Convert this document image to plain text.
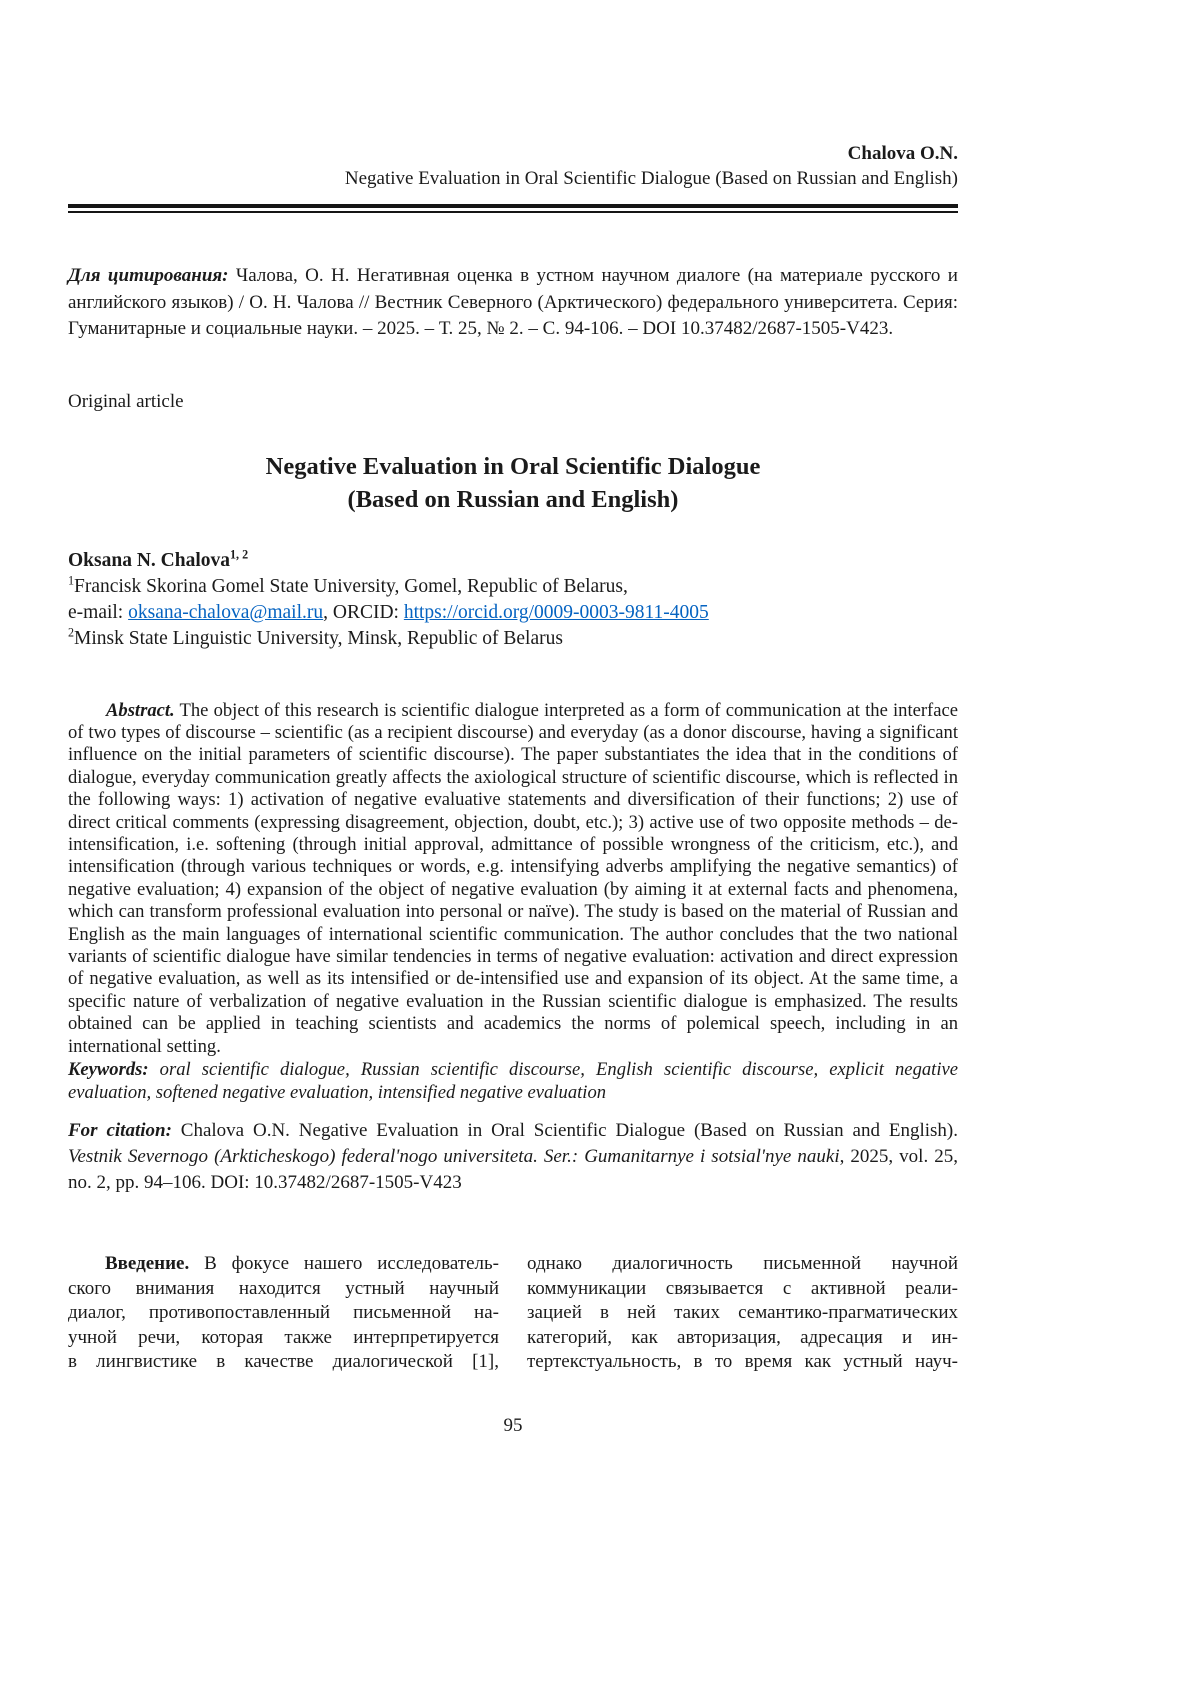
Chalova O.N.
Negative Evaluation in Oral Scientific Dialogue (Based on Russian and English)

Для цитирования: Чалова, О. Н. Негативная оценка в устном научном диалоге (на материале русского и английского языков) / О. Н. Чалова // Вестник Северного (Арктического) федерального университета. Серия: Гуманитарные и социальные науки. – 2025. – Т. 25, № 2. – С. 94-106. – DOI 10.37482/2687-1505-V423.

Original article

Negative Evaluation in Oral Scientific Dialogue
(Based on Russian and English)

Oksana N. Chalova$^{1, 2}$

$^1$Francisk Skorina Gomel State University, Gomel, Republic of Belarus,

e-mail: oksana-chalova@mail.ru, ORCID: https://orcid.org/0009-0003-9811-4005

$^2$Minsk State Linguistic University, Minsk, Republic of Belarus

Abstract. The object of this research is scientific dialogue interpreted as a form of communication at the interface of two types of discourse – scientific (as a recipient discourse) and everyday (as a donor discourse, having a significant influence on the initial parameters of scientific discourse). The paper substantiates the idea that in the conditions of dialogue, everyday communication greatly affects the axiological structure of scientific discourse, which is reflected in the following ways: 1) activation of negative evaluative statements and diversification of their functions; 2) use of direct critical comments (expressing disagreement, objection, doubt, etc.); 3) active use of two opposite methods – de-intensification, i.e. softening (through initial approval, admittance of possible wrongness of the criticism, etc.), and intensification (through various techniques or words, e.g. intensifying adverbs amplifying the negative semantics) of negative evaluation; 4) expansion of the object of negative evaluation (by aiming it at external facts and phenomena, which can transform professional evaluation into personal or naïve). The study is based on the material of Russian and English as the main languages of international scientific communication. The author concludes that the two national variants of scientific dialogue have similar tendencies in terms of negative evaluation: activation and direct expression of negative evaluation, as well as its intensified or de-intensified use and expansion of its object. At the same time, a specific nature of verbalization of negative evaluation in the Russian scientific dialogue is emphasized. The results obtained can be applied in teaching scientists and academics the norms of polemical speech, including in an international setting.

Keywords: oral scientific dialogue, Russian scientific discourse, English scientific discourse, explicit negative evaluation, softened negative evaluation, intensified negative evaluation

For citation: Chalova O.N. Negative Evaluation in Oral Scientific Dialogue (Based on Russian and English). Vestnik Severnogo (Arkticheskogo) federal'nogo universiteta. Ser.: Gumanitarnye i sotsial'nye nauki, 2025, vol. 25, no. 2, pp. 94–106. DOI: 10.37482/2687-1505-V423

Введение. В фокусе нашего исследователь-
ского внимания находится устный научный
диалог, противопоставленный письменной на-
учной речи, которая также интерпретируется
в лингвистике в качестве диалогической [1],
однако диалогичность письменной научной
коммуникации связывается с активной реали-
зацией в ней таких семантико-прагматических
категорий, как авторизация, адресация и ин-
тертекстуальность, в то время как устный науч-
95
